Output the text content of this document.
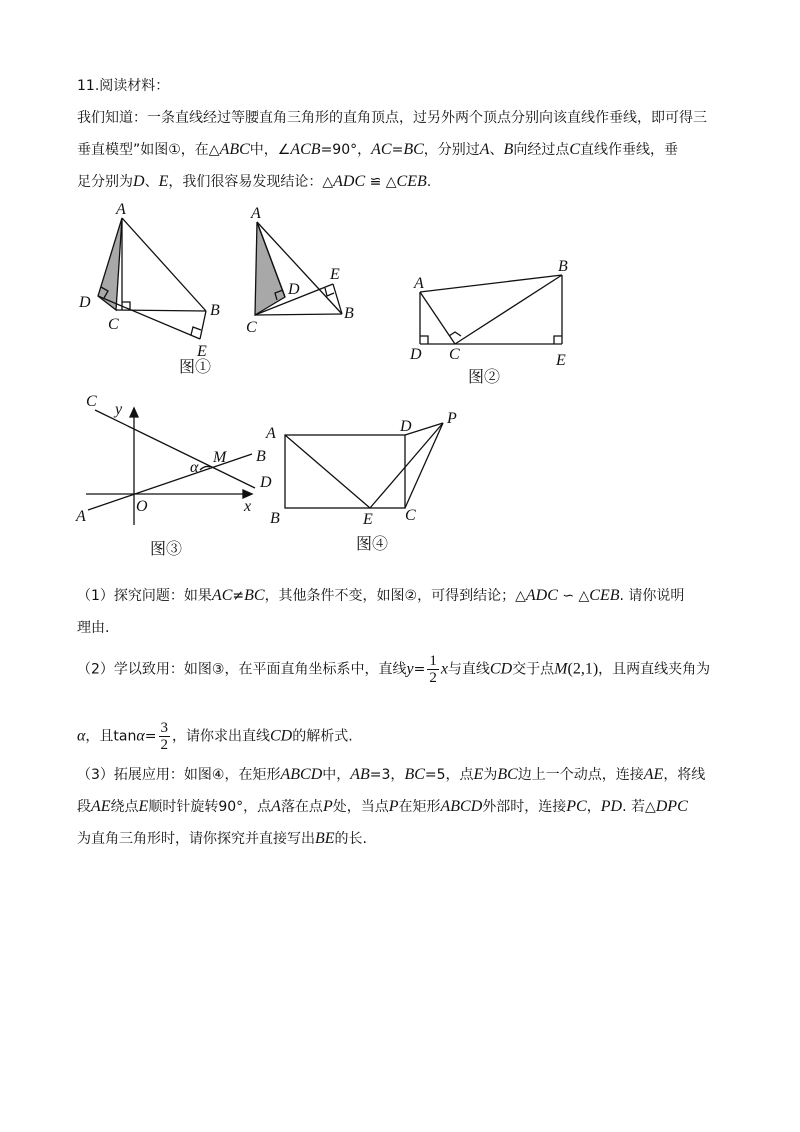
11.阅读材料：
我们知道：一条直线经过等腰直角三角形的直角顶点，过另外两个顶点分别向该直线作垂线，即可得三
垂直模型”如图①，在△ABC中，∠ACB=90°，AC=BC，分别过A、B向经过点C直线作垂线，垂
足分别为D、E，我们很容易发现结论：△ADC ≌ △CEB.
A
D
C
B
E
图①
A
E
D
C
B
A
B
D C	E
图②
C y
M
α
B
D
A
O	x
图③
A	D P
B	E C
图④
（1）探究问题：如果AC≠BC，其他条件不变，如图②，可得到结论；△ADC ∽ △CEB. 请你说明
理由.
（2）学以致用：如图③，在平面直角坐标系中，直线$y= \frac{1}{2}$ x与直线CD交于点M(2,1)，且两直线夹角为
α，且$\tan\alpha= \frac{3}{2}$ ，请你求出直线CD的解析式.
（3）拓展应用：如图④，在矩形ABCD中，AB=3，BC=5，点E为BC边上一个动点，连接AE，将线
段AE绕点E顺时针旋转90°，点A落在点P处，当点P在矩形ABCD外部时，连接PC，PD. 若△DPC
为直角三角形时，请你探究并直接写出BE的长.
